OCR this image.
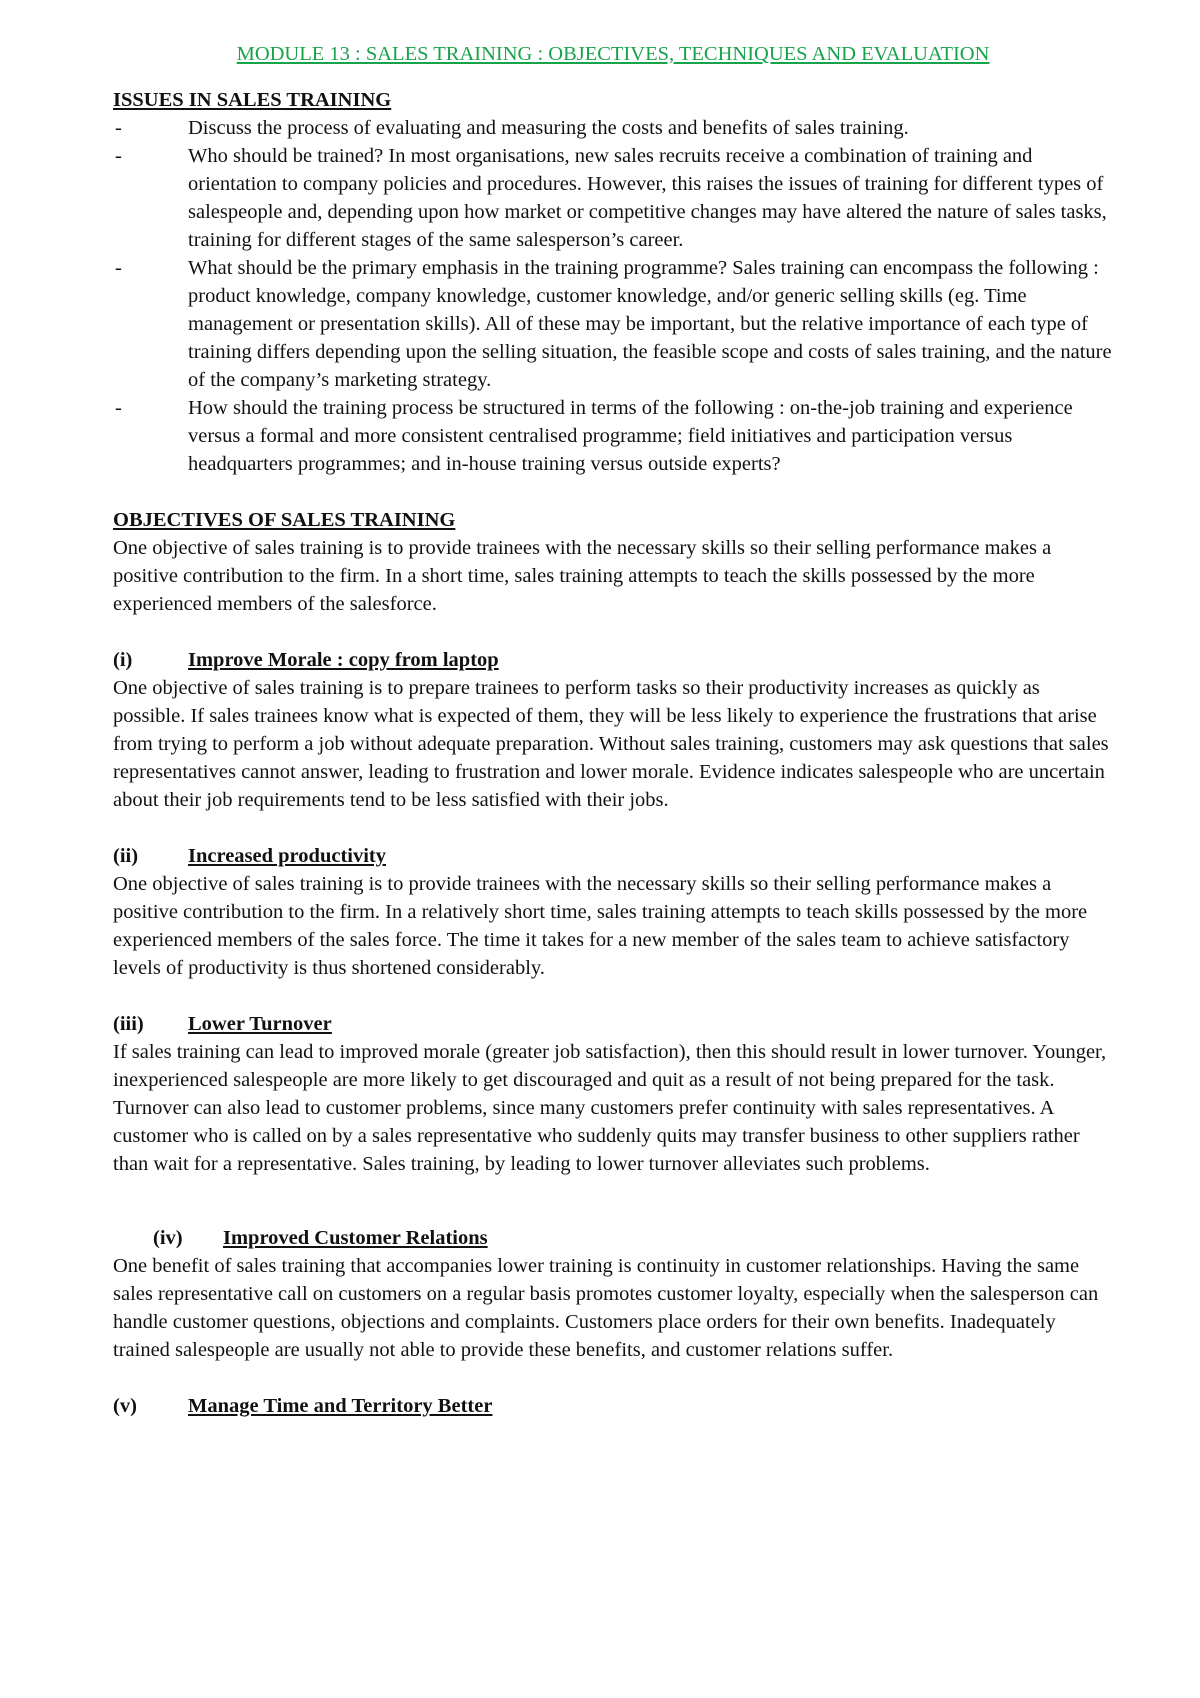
MODULE 13 : SALES TRAINING : OBJECTIVES, TECHNIQUES AND EVALUATION
ISSUES IN SALES TRAINING
-	Discuss the process of evaluating and measuring the costs and benefits of sales training.
-	Who should be trained? In most organisations, new sales recruits receive a combination of training and orientation to company policies and procedures. However, this raises the issues of training for different types of salespeople and, depending upon how market or competitive changes may have altered the nature of sales tasks, training for different stages of the same salesperson’s career.
-	What should be the primary emphasis in the training programme? Sales training can encompass the following : product knowledge, company knowledge, customer knowledge, and/or generic selling skills (eg. Time management or presentation skills). All of these may be important, but the relative importance of each type of training differs depending upon the selling situation, the feasible scope and costs of sales training, and the nature of the company’s marketing strategy.
-	How should the training process be structured in terms of the following : on-the-job training and experience versus a formal and more consistent centralised programme; field initiatives and participation versus headquarters programmes; and in-house training versus outside experts?
OBJECTIVES OF SALES TRAINING

One objective of sales training is to provide trainees with the necessary skills so their selling performance makes a positive contribution to the firm. In a short time, sales training attempts to teach the skills possessed by the more experienced members of the salesforce.

(i)	Improve Morale : copy from laptop

One objective of sales training is to prepare trainees to perform tasks so their productivity increases as quickly as possible. If sales trainees know what is expected of them, they will be less likely to experience the frustrations that arise from trying to perform a job without adequate preparation. Without sales training, customers may ask questions that sales representatives cannot answer, leading to frustration and lower morale. Evidence indicates salespeople who are uncertain about their job requirements tend to be less satisfied with their jobs.

(ii) Increased productivity

One objective of sales training is to provide trainees with the necessary skills so their selling performance makes a positive contribution to the firm. In a relatively short time, sales training attempts to teach skills possessed by the more experienced members of the sales force. The time it takes for a new member of the sales team to achieve satisfactory levels of productivity is thus shortened considerably.

(iii) Lower Turnover

If sales training can lead to improved morale (greater job satisfaction), then this should result in lower turnover. Younger, inexperienced salespeople are more likely to get discouraged and quit as a result of not being prepared for the task. Turnover can also lead to customer problems, since many customers prefer continuity with sales representatives. A customer who is called on by a sales representative who suddenly quits may transfer business to other suppliers rather than wait for a representative. Sales training, by leading to lower turnover alleviates such problems.

(iv) Improved Customer Relations

One benefit of sales training that accompanies lower training is continuity in customer relationships. Having the same sales representative call on customers on a regular basis promotes customer loyalty, especially when the salesperson can handle customer questions, objections and complaints. Customers place orders for their own benefits. Inadequately trained salespeople are usually not able to provide these benefits, and customer relations suffer.

(v) Manage Time and Territory Better
